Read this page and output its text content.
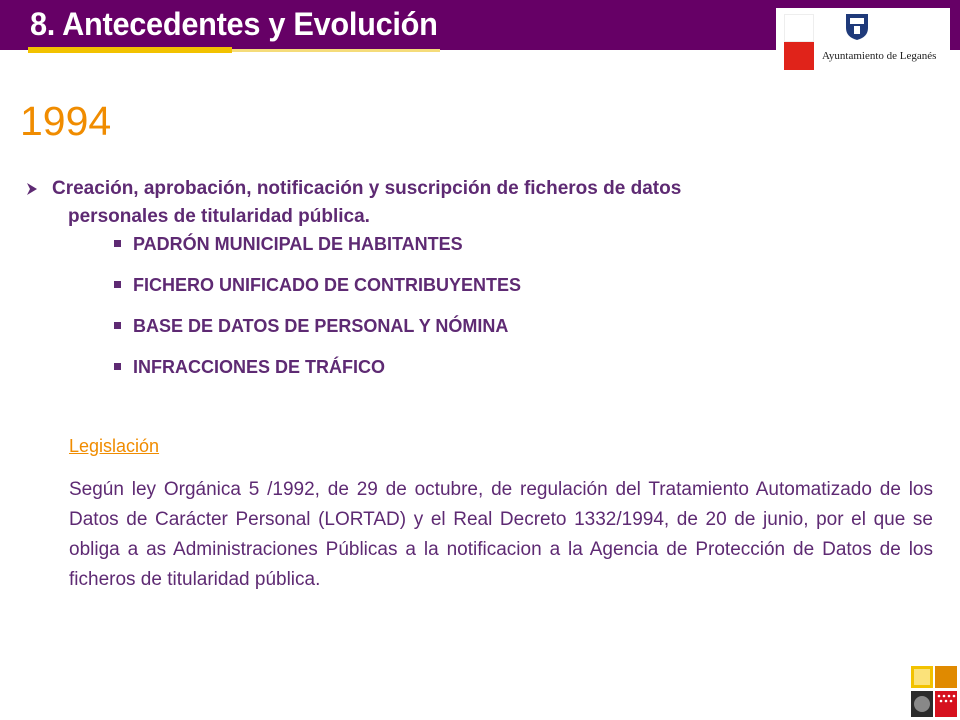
8. Antecedentes y Evolución
Ayuntamiento de Leganés
1994
Creación, aprobación, notificación y suscripción de ficheros de datos
personales de titularidad pública.
PADRÓN MUNICIPAL DE HABITANTES
FICHERO UNIFICADO DE CONTRIBUYENTES
BASE DE DATOS DE PERSONAL Y NÓMINA
INFRACCIONES DE TRÁFICO
Legislación
Según ley Orgánica 5 /1992, de 29 de octubre, de regulación del Tratamiento Automatizado de los Datos de Carácter Personal (LORTAD) y el Real Decreto 1332/1994, de 20 de junio, por el que se obliga a as Administraciones Públicas a la notificacion a la Agencia de Protección de Datos de los ficheros de titularidad pública.
